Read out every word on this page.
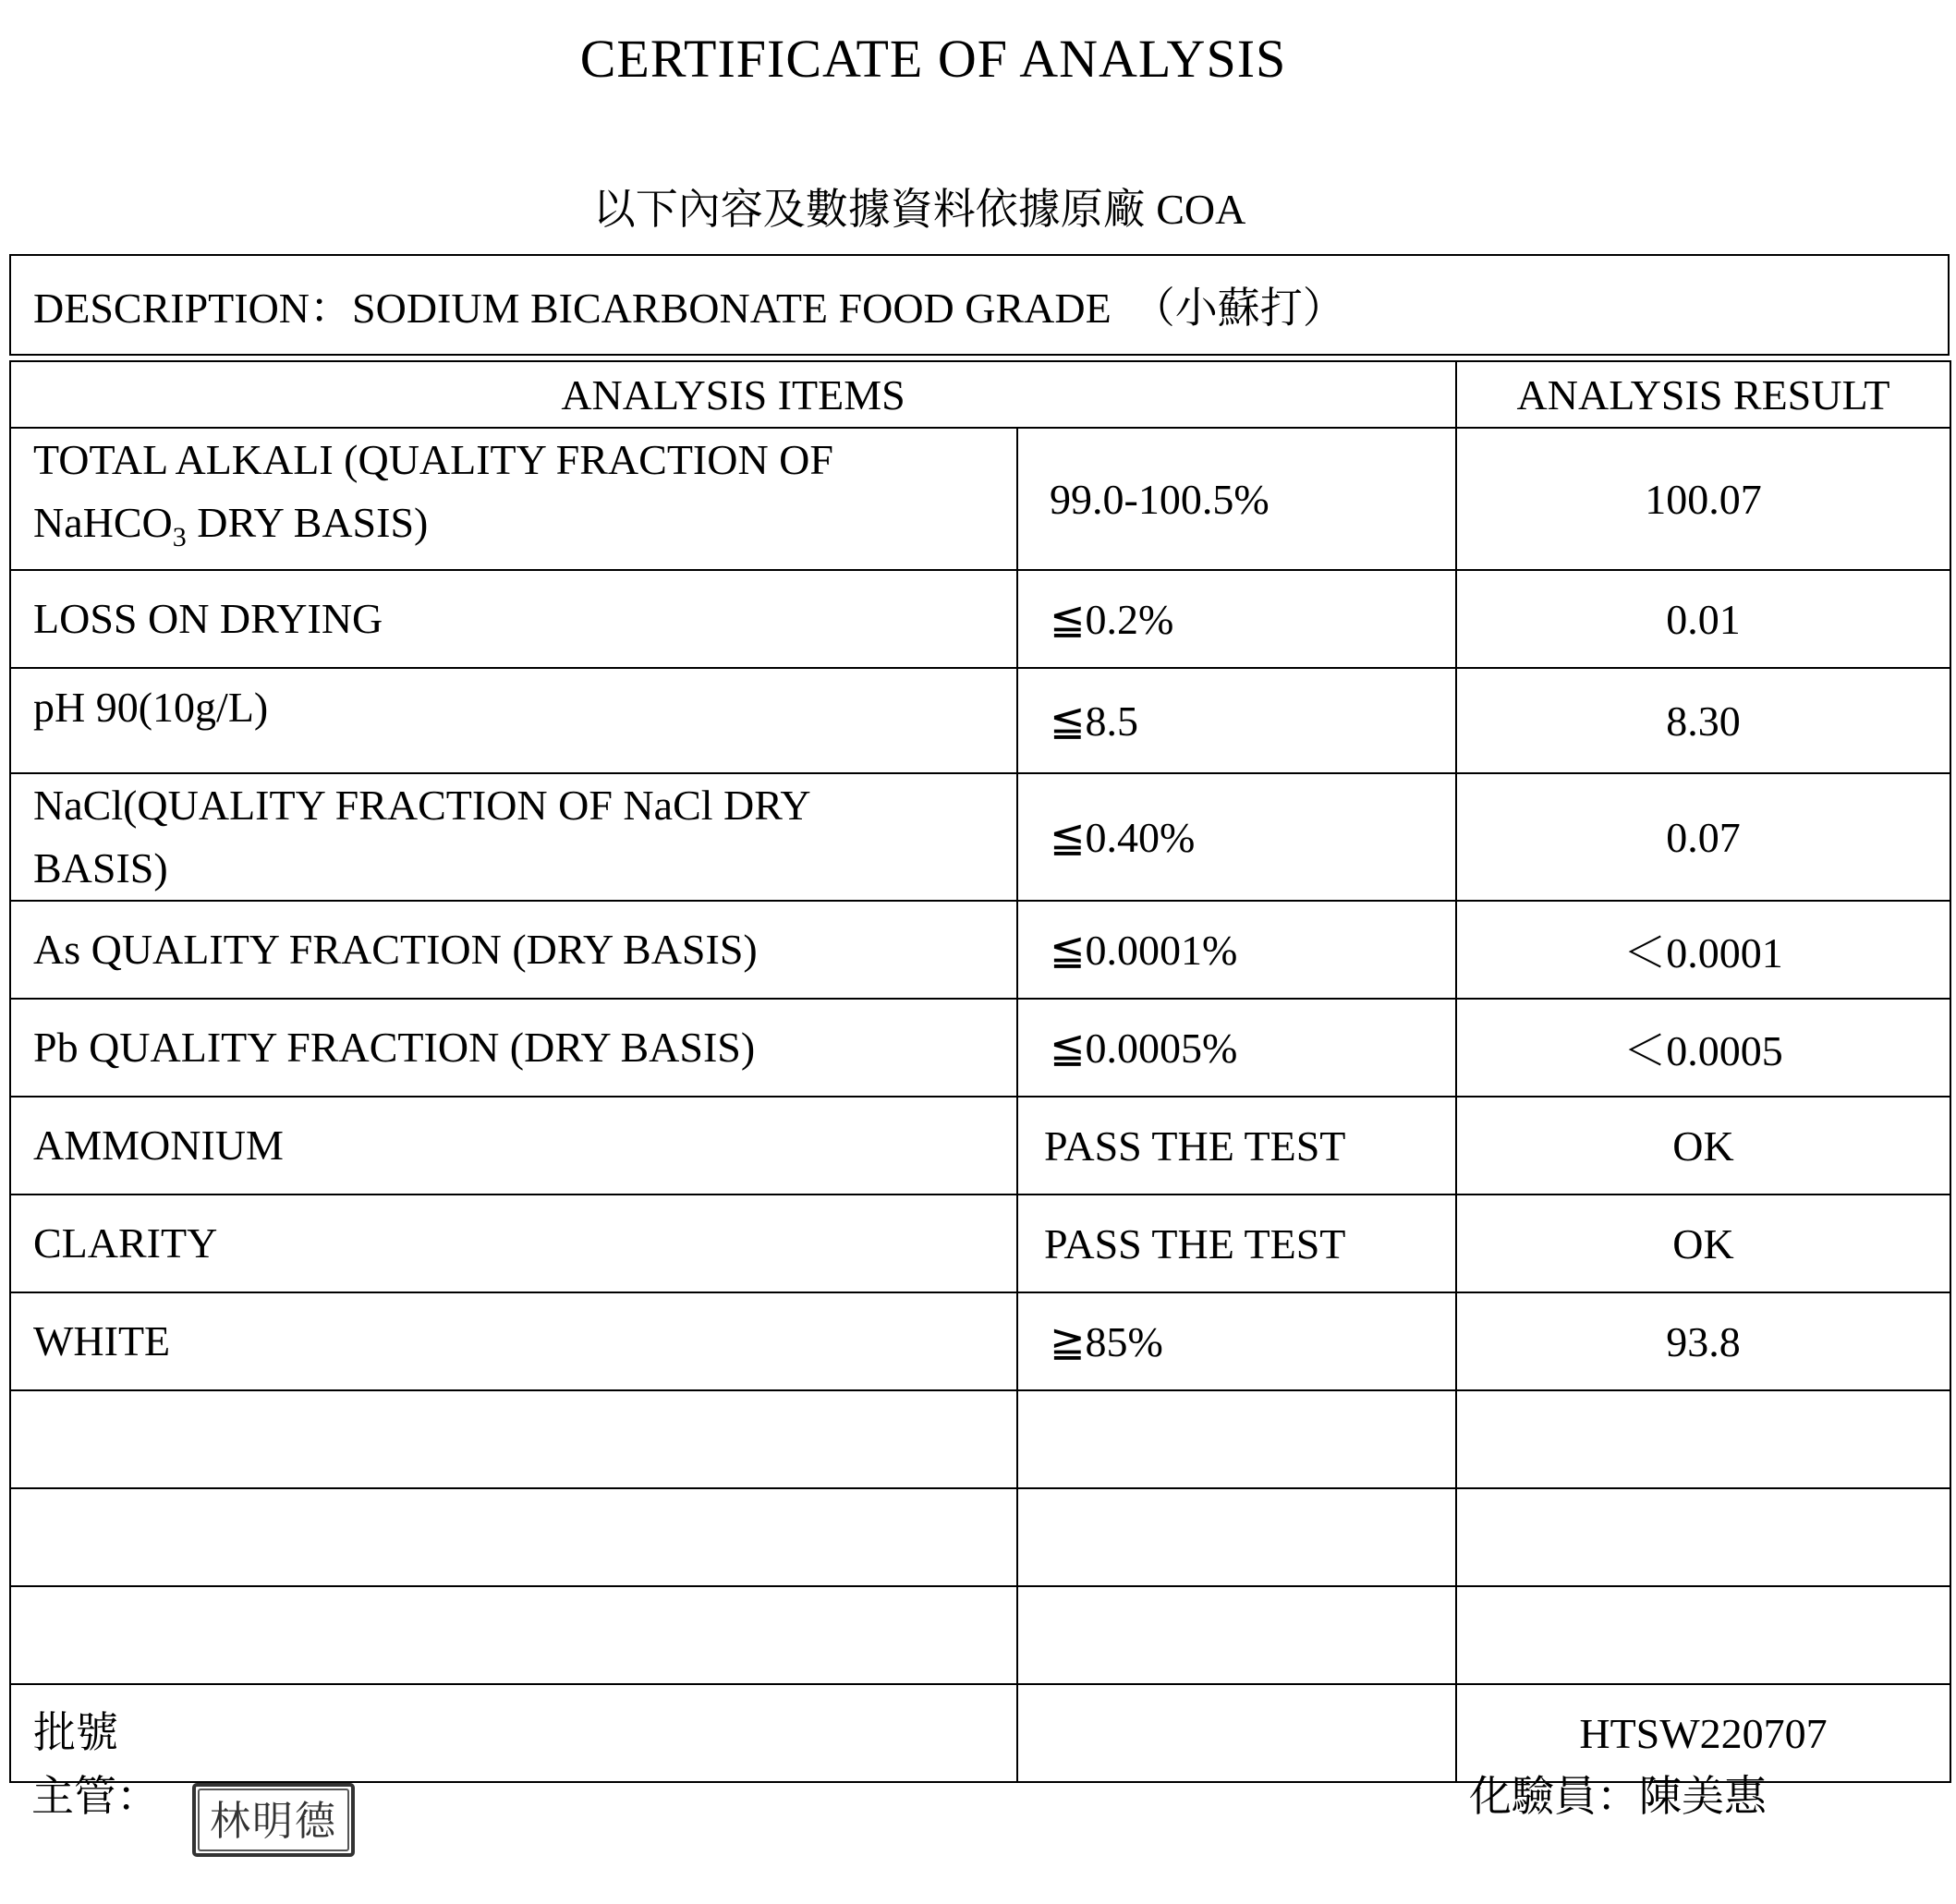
CERTIFICATE OF ANALYSIS
以下內容及數據資料依據原廠 COA
DESCRIPTION： SODIUM BICARBONATE FOOD GRADE　（小蘇打）
ANALYSIS ITEMS		ANALYSIS RESULT
TOTAL ALKALI (QUALITY FRACTION OF
NaHCO$_3$ DRY BASIS)	99.0-100.5%	100.07
LOSS ON DRYING	≦0.2%	0.01
pH 90(10g/L)	≦8.5	8.30
NaCl(QUALITY FRACTION OF NaCl DRY
BASIS)	≦0.40%	0.07
As QUALITY FRACTION (DRY BASIS)	≦0.0001%	＜0.0001
Pb QUALITY FRACTION (DRY BASIS)	≦0.0005%	＜0.0005
AMMONIUM	PASS THE TEST	OK
CLARITY	PASS THE TEST	OK
WHITE	≧85%	93.8

批號		HTSW220707
主管：
林明德
化驗員：陳美惠
